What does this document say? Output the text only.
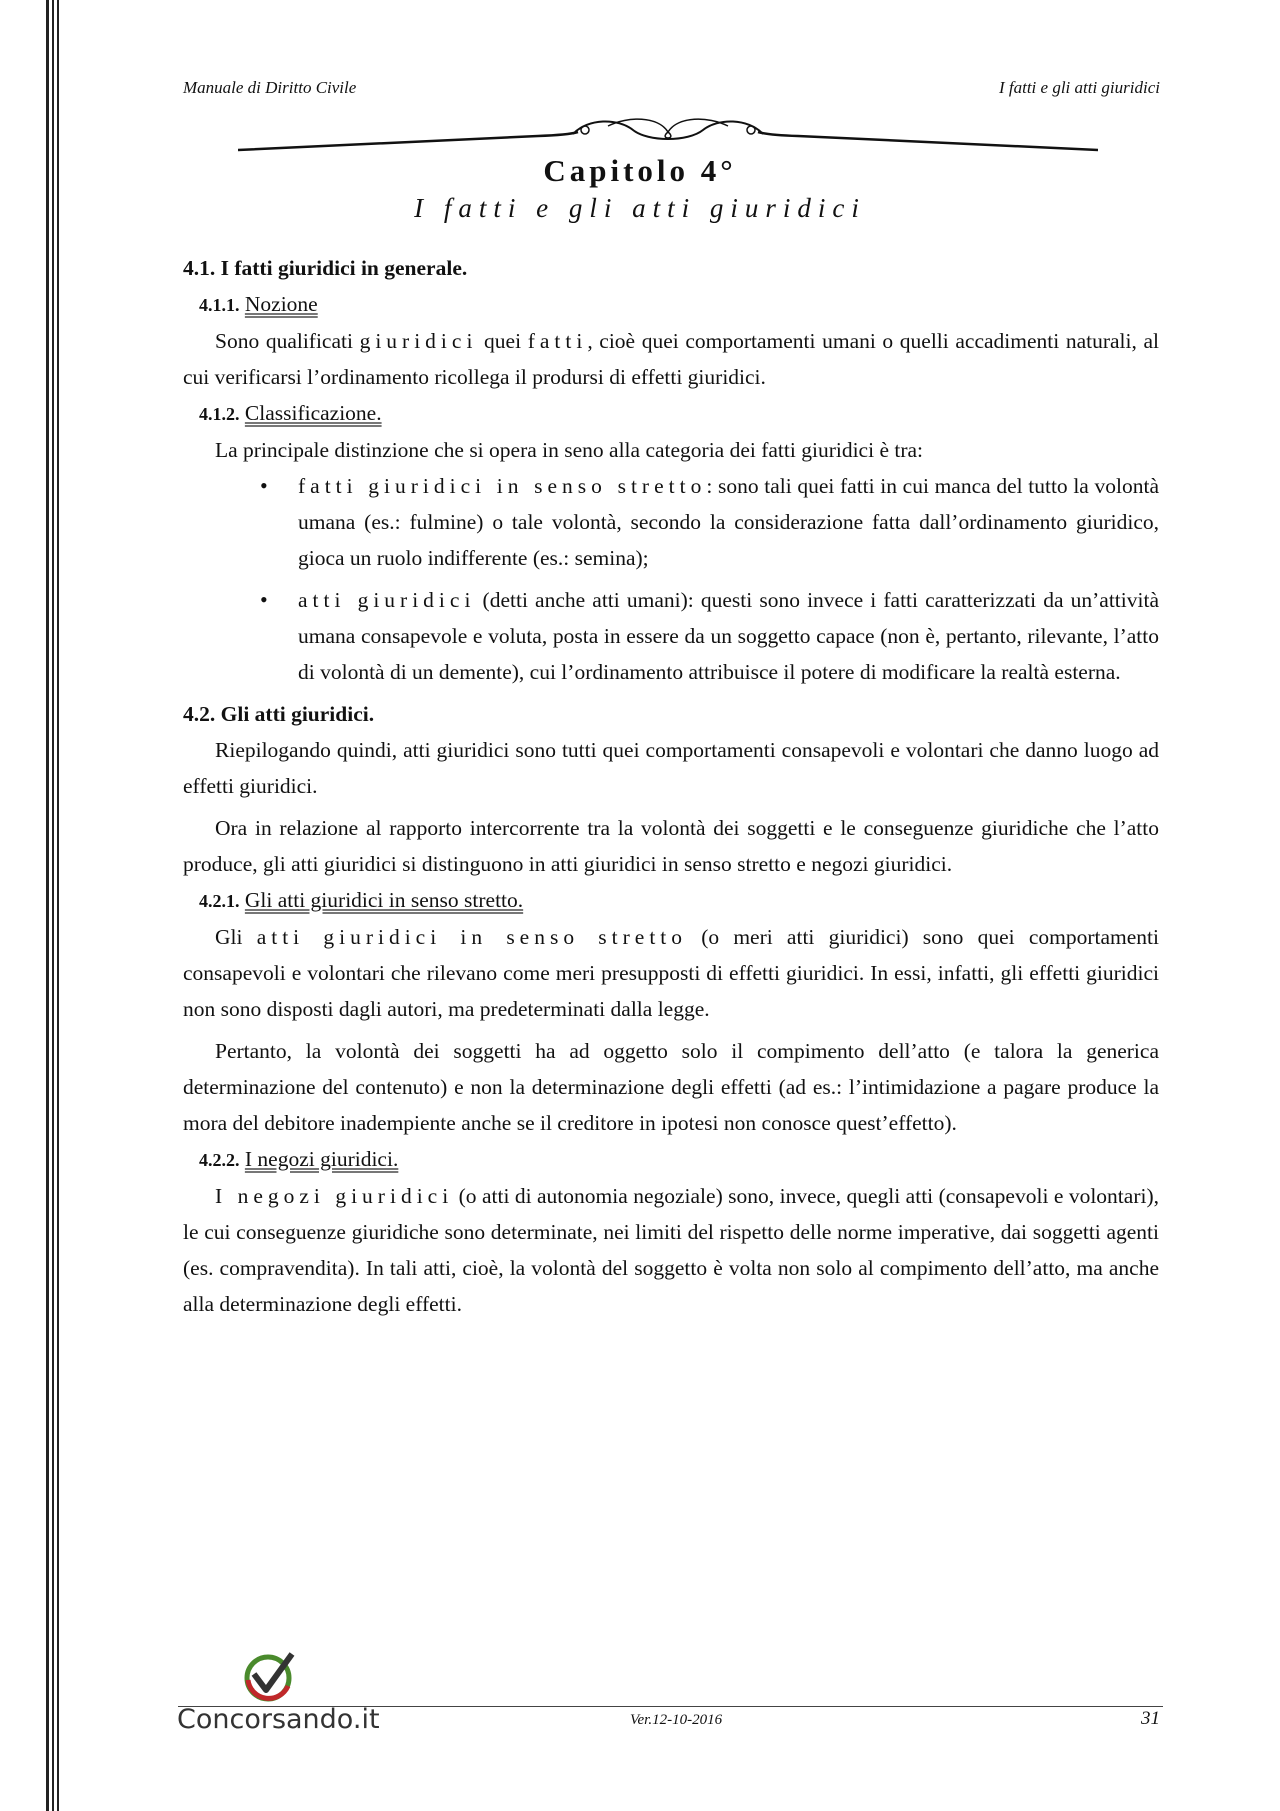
Manuale di Diritto Civile	I fatti e gli atti giuridici
Capitolo 4°
I fatti e gli atti giuridici
4.1. I fatti giuridici in generale.
4.1.1. Nozione

Sono qualificati giuridici quei fatti, cioè quei comportamenti umani o quelli accadimenti naturali, al cui verificarsi l’ordinamento ricollega il prodursi di effetti giuridici.

4.1.2. Classificazione.

La principale distinzione che si opera in seno alla categoria dei fatti giuridici è tra:

• fatti giuridici in senso stretto: sono tali quei fatti in cui manca del tutto la volontà umana (es.: fulmine) o tale volontà, secondo la considerazione fatta dall’ordinamento giuridico, gioca un ruolo indifferente (es.: semina);
• atti giuridici (detti anche atti umani): questi sono invece i fatti caratterizzati da un’attività umana consapevole e voluta, posta in essere da un soggetto capace (non è, pertanto, rilevante, l’atto di volontà di un demente), cui l’ordinamento attribuisce il potere di modificare la realtà esterna.
4.2. Gli atti giuridici.

Riepilogando quindi, atti giuridici sono tutti quei comportamenti consapevoli e volontari che danno luogo ad effetti giuridici.

Ora in relazione al rapporto intercorrente tra la volontà dei soggetti e le conseguenze giuridiche che l’atto produce, gli atti giuridici si distinguono in atti giuridici in senso stretto e negozi giuridici.

4.2.1. Gli atti giuridici in senso stretto.

Gli atti giuridici in senso stretto (o meri atti giuridici) sono quei comportamenti consapevoli e volontari che rilevano come meri presupposti di effetti giuridici. In essi, infatti, gli effetti giuridici non sono disposti dagli autori, ma predeterminati dalla legge.

Pertanto, la volontà dei soggetti ha ad oggetto solo il compimento dell’atto (e talora la generica determinazione del contenuto) e non la determinazione degli effetti (ad es.: l’intimidazione a pagare produce la mora del debitore inadempiente anche se il creditore in ipotesi non conosce quest’effetto).

4.2.2. I negozi giuridici.

I negozi giuridici (o atti di autonomia negoziale) sono, invece, quegli atti (consapevoli e volontari), le cui conseguenze giuridiche sono determinate, nei limiti del rispetto delle norme imperative, dai soggetti agenti (es. compravendita). In tali atti, cioè, la volontà del soggetto è volta non solo al compimento dell’atto, ma anche alla determinazione degli effetti.

Concorsando.it	Ver.12-10-2016	31
